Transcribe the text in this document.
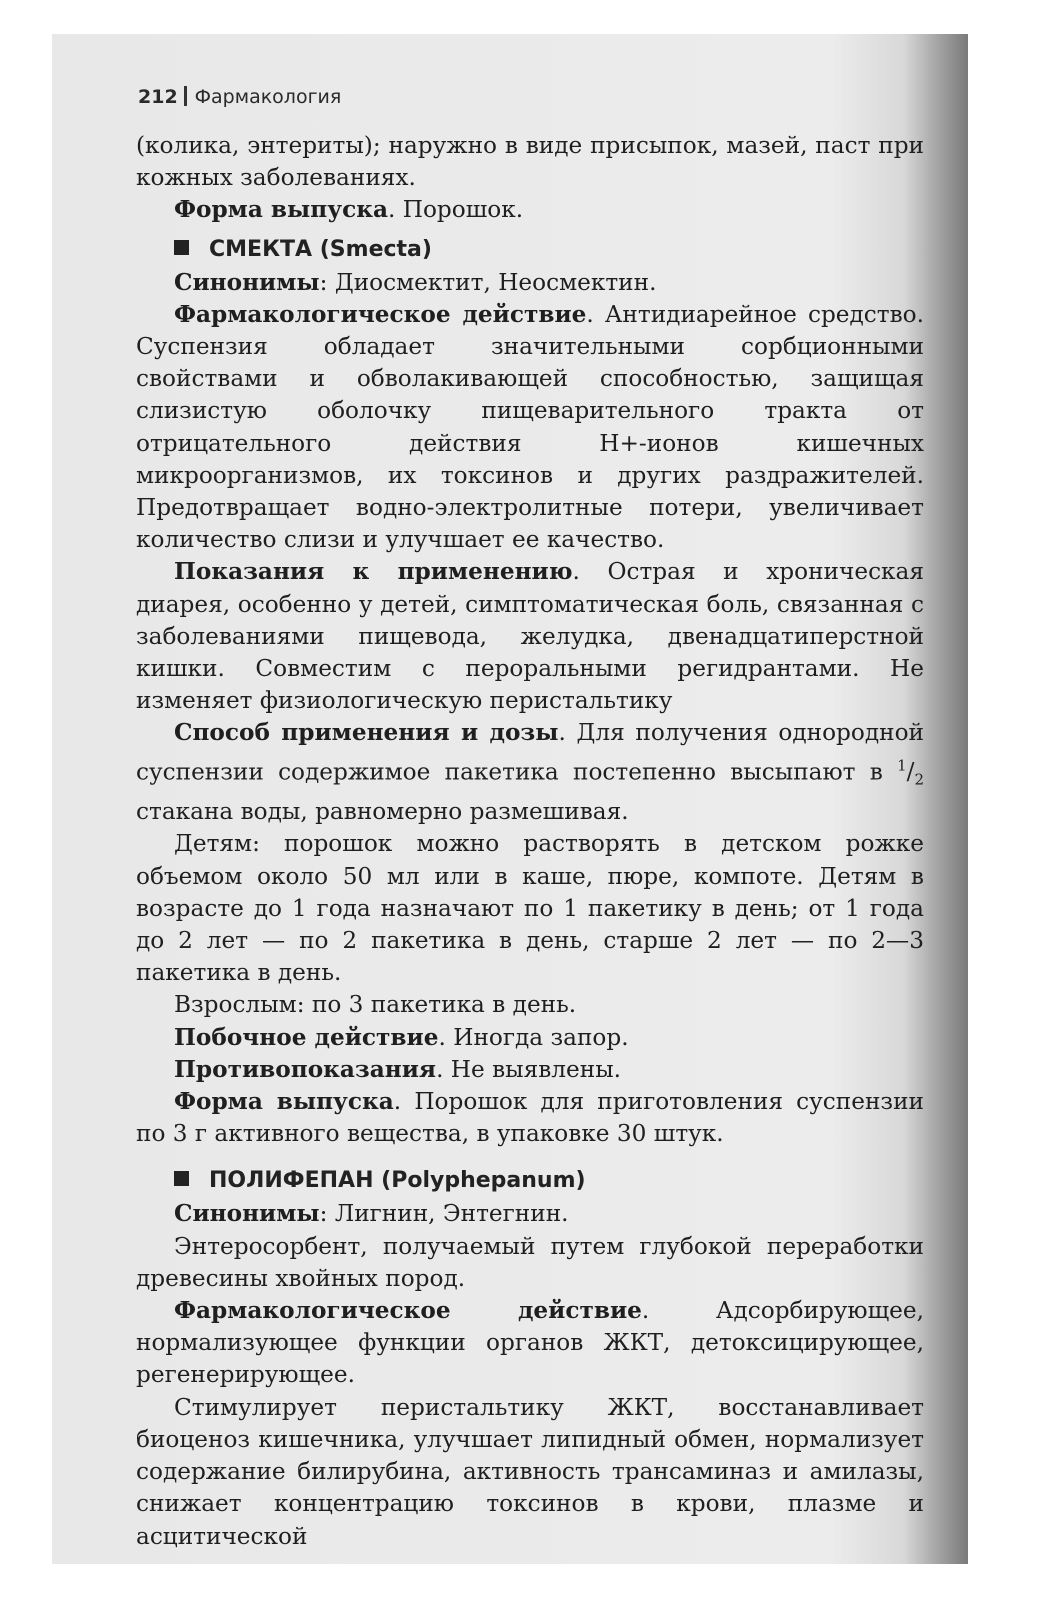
212 Фармакология

(колика, энтериты); наружно в виде присыпок, мазей, паст при

кожных заболеваниях.

Форма выпуска. Порошок.

СМЕКТА (Smecta)

Синонимы: Диосмектит, Неосмектин.

Фармакологическое действие. Антидиарейное средство. Суспензия обладает значительными сорбционными свойствами и обволакивающей способностью, защищая слизистую оболочку пищеварительного тракта от отрицательного действия Н+-ионов кишечных микроорганизмов, их токсинов и других раздражителей. Предотвращает водно-электролитные потери, увеличивает количество слизи и улучшает ее качество.

Показания к применению. Острая и хроническая диарея, особенно у детей, симптоматическая боль, связанная с заболеваниями пищевода, желудка, двенадцатиперстной кишки. Совместим с пероральными регидрантами. Не изменяет физиологическую перистальтику

Способ применения и дозы. Для получения однородной суспензии содержимое пакетика постепенно высыпают в $^1/_2$ стакана воды, равномерно размешивая.

Детям: порошок можно растворять в детском рожке объемом около 50 мл или в каше, пюре, компоте. Детям в возрасте до 1 года назначают по 1 пакетику в день; от 1 года до 2 лет — по 2 пакетика в день, старше 2 лет — по 2—3 пакетика в день.

Взрослым: по 3 пакетика в день.

Побочное действие. Иногда запор.

Противопоказания. Не выявлены.

Форма выпуска. Порошок для приготовления суспензии по 3 г активного вещества, в упаковке 30 штук.

ПОЛИФЕПАН (Polyphepanum)

Синонимы: Лигнин, Энтегнин.

Энтеросорбент, получаемый путем глубокой переработки древесины хвойных пород.

Фармакологическое действие. Адсорбирующее, нормализующее функции органов ЖКТ, детоксицирующее, регенерирующее.

Стимулирует перистальтику ЖКТ, восстанавливает биоценоз кишечника, улучшает липидный обмен, нормализует содержание билирубина, активность трансаминаз и амилазы, снижает концентрацию токсинов в крови, плазме и асцитической
